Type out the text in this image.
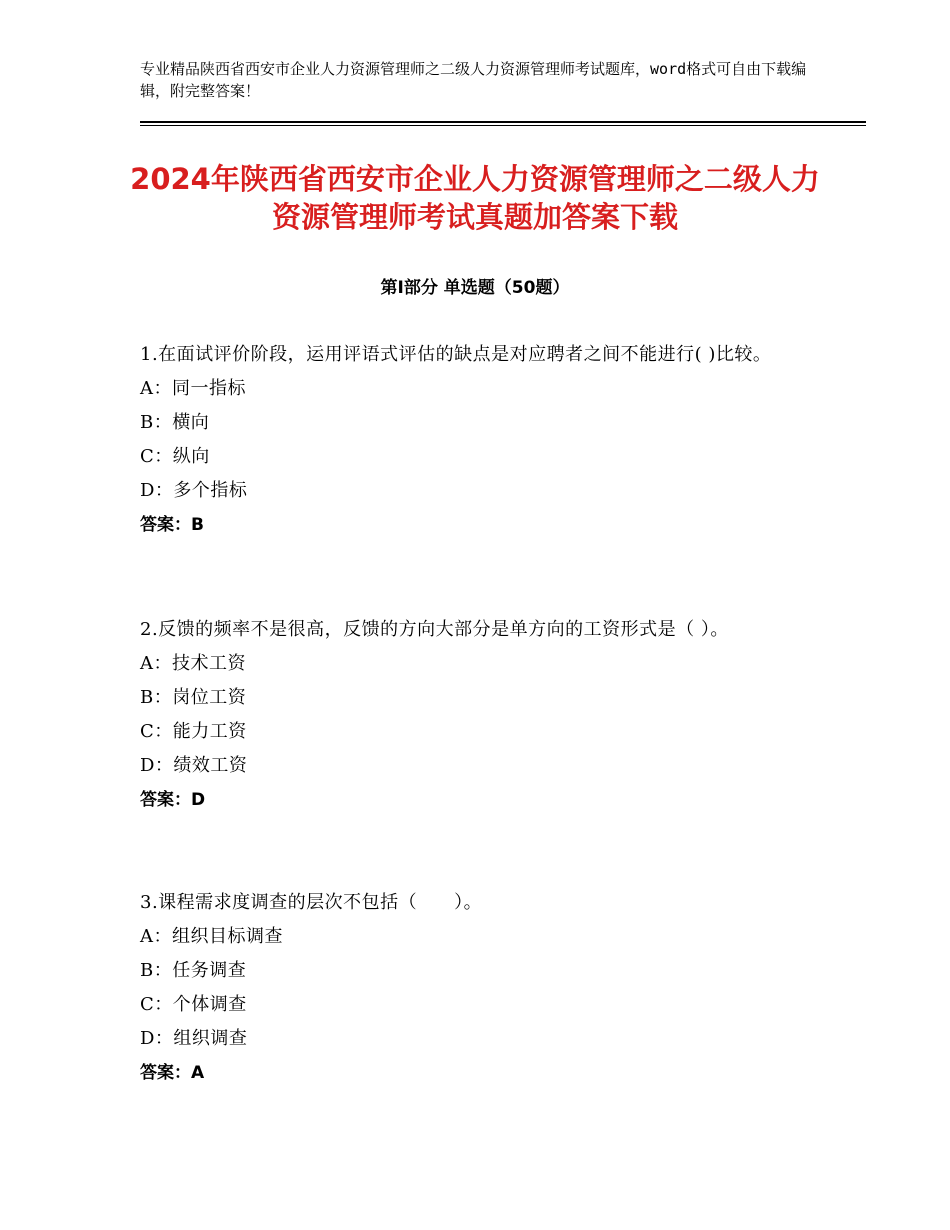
专业精品陕西省西安市企业人力资源管理师之二级人力资源管理师考试题库，word格式可自由下载编辑，附完整答案！
2024年陕西省西安市企业人力资源管理师之二级人力资源管理师考试真题加答案下载
第Ⅰ部分 单选题（50题）
1.在面试评价阶段，运用评语式评估的缺点是对应聘者之间不能进行( )比较。
A：同一指标
B：横向
C：纵向
D：多个指标
答案：B
2.反馈的频率不是很高，反馈的方向大部分是单方向的工资形式是（ ）。
A：技术工资
B：岗位工资
C：能力工资
D：绩效工资
答案：D
3.课程需求度调查的层次不包括（　　）。
A：组织目标调查
B：任务调查
C：个体调查
D：组织调查
答案：A
